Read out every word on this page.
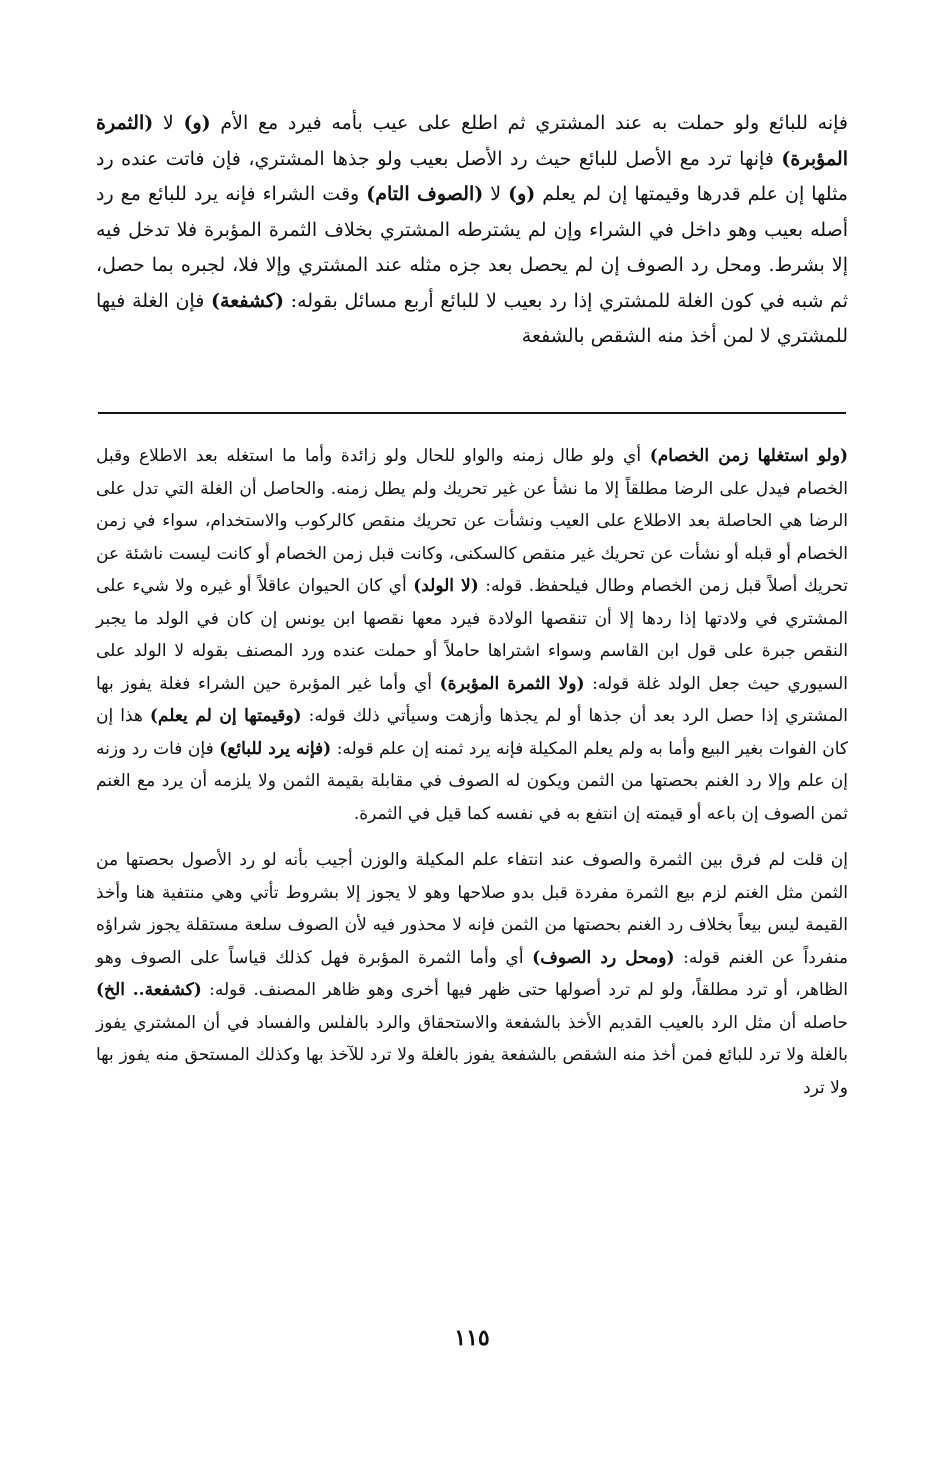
فإنه للبائع ولو حملت به عند المشتري ثم اطلع على عيب بأمه فيرد مع الأم (و) لا (الثمرة المؤبرة) فإنها ترد مع الأصل للبائع حيث رد الأصل بعيب ولو جذها المشتري، فإن فاتت عنده رد مثلها إن علم قدرها وقيمتها إن لم يعلم (و) لا (الصوف التام) وقت الشراء فإنه يرد للبائع مع رد أصله بعيب وهو داخل في الشراء وإن لم يشترطه المشتري بخلاف الثمرة المؤبرة فلا تدخل فيه إلا بشرط. ومحل رد الصوف إن لم يحصل بعد جزه مثله عند المشتري وإلا فلا، لجبره بما حصل، ثم شبه في كون الغلة للمشتري إذا رد بعيب لا للبائع أربع مسائل بقوله: (كشفعة) فإن الغلة فيها للمشتري لا لمن أخذ منه الشقص بالشفعة

(ولو استغلها زمن الخصام) أي ولو طال زمنه والواو للحال ولو زائدة وأما ما استغله بعد الاطلاع وقبل الخصام فيدل على الرضا مطلقاً إلا ما نشأ عن غير تحريك ولم يطل زمنه. والحاصل أن الغلة التي تدل على الرضا هي الحاصلة بعد الاطلاع على العيب ونشأت عن تحريك منقص كالركوب والاستخدام، سواء في زمن الخصام أو قبله أو نشأت عن تحريك غير منقص كالسكنى، وكانت قبل زمن الخصام أو كانت ليست ناشئة عن تحريك أصلاً قبل زمن الخصام وطال فيلحفظ. قوله: (لا الولد) أي كان الحيوان عاقلاً أو غيره ولا شيء على المشتري في ولادتها إذا ردها إلا أن تنقصها الولادة فيرد معها نقصها ابن يونس إن كان في الولد ما يجبر النقص جبرة على قول ابن القاسم وسواء اشتراها حاملاً أو حملت عنده ورد المصنف بقوله لا الولد على السيوري حيث جعل الولد غلة قوله: (ولا الثمرة المؤبرة) أي وأما غير المؤبرة حين الشراء فغلة يفوز بها المشتري إذا حصل الرد بعد أن جذها أو لم يجذها وأزهت وسيأتي ذلك قوله: (وقيمتها إن لم يعلم) هذا إن كان الفوات بغير البيع وأما به ولم يعلم المكيلة فإنه يرد ثمنه إن علم قوله: (فإنه يرد للبائع) فإن فات رد وزنه إن علم وإلا رد الغنم بحصتها من الثمن ويكون له الصوف في مقابلة بقيمة الثمن ولا يلزمه أن يرد مع الغنم ثمن الصوف إن باعه أو قيمته إن انتفع به في نفسه كما قيل في الثمرة.

إن قلت لم فرق بين الثمرة والصوف عند انتفاء علم المكيلة والوزن أجيب بأنه لو رد الأصول بحصتها من الثمن مثل الغنم لزم بيع الثمرة مفردة قبل بدو صلاحها وهو لا يجوز إلا بشروط تأتي وهي منتفية هنا وأخذ القيمة ليس بيعاً بخلاف رد الغنم بحصتها من الثمن فإنه لا محذور فيه لأن الصوف سلعة مستقلة يجوز شراؤه منفرداً عن الغنم قوله: (ومحل رد الصوف) أي وأما الثمرة المؤبرة فهل كذلك قياساً على الصوف وهو الظاهر، أو ترد مطلقاً، ولو لم ترد أصولها حتى ظهر فيها أخرى وهو ظاهر المصنف. قوله: (كشفعة.. الخ) حاصله أن مثل الرد بالعيب القديم الأخذ بالشفعة والاستحقاق والرد بالفلس والفساد في أن المشتري يفوز بالغلة ولا ترد للبائع فمن أخذ منه الشقص بالشفعة يفوز بالغلة ولا ترد للآخذ بها وكذلك المستحق منه يفوز بها ولا ترد

١١٥
